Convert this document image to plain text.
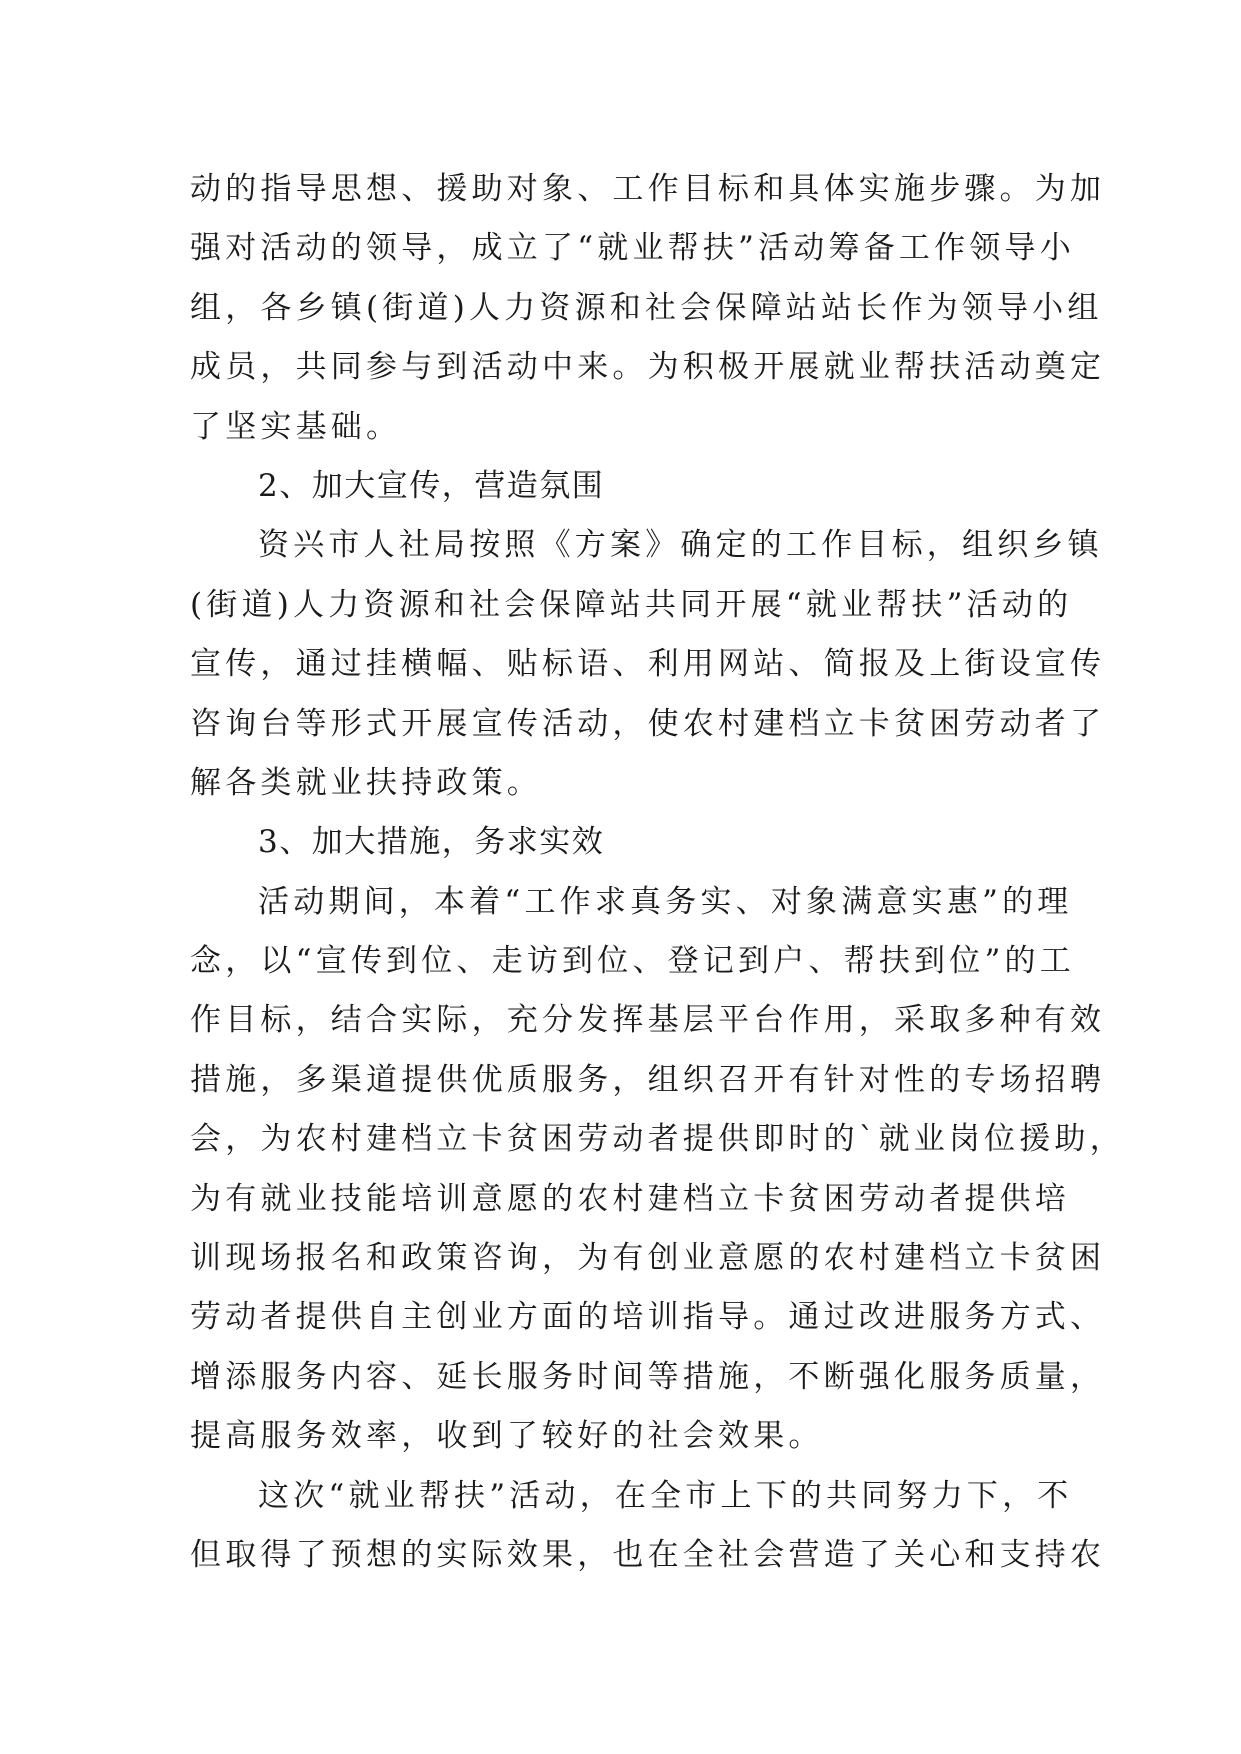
动的指导思想、援助对象、工作目标和具体实施步骤。为加
强对活动的领导，成立了“就业帮扶”活动筹备工作领导小
组，各乡镇(街道)人力资源和社会保障站站长作为领导小组
成员，共同参与到活动中来。为积极开展就业帮扶活动奠定
了坚实基础。
2、加大宣传，营造氛围
资兴市人社局按照《方案》确定的工作目标，组织乡镇
(街道)人力资源和社会保障站共同开展“就业帮扶”活动的
宣传，通过挂横幅、贴标语、利用网站、简报及上街设宣传
咨询台等形式开展宣传活动，使农村建档立卡贫困劳动者了
解各类就业扶持政策。
3、加大措施，务求实效
活动期间，本着“工作求真务实、对象满意实惠”的理
念，以“宣传到位、走访到位、登记到户、帮扶到位”的工
作目标，结合实际，充分发挥基层平台作用，采取多种有效
措施，多渠道提供优质服务，组织召开有针对性的专场招聘
会，为农村建档立卡贫困劳动者提供即时的`就业岗位援助，
为有就业技能培训意愿的农村建档立卡贫困劳动者提供培
训现场报名和政策咨询，为有创业意愿的农村建档立卡贫困
劳动者提供自主创业方面的培训指导。通过改进服务方式、
增添服务内容、延长服务时间等措施，不断强化服务质量，
提高服务效率，收到了较好的社会效果。
这次“就业帮扶”活动，在全市上下的共同努力下，不
但取得了预想的实际效果，也在全社会营造了关心和支持农
